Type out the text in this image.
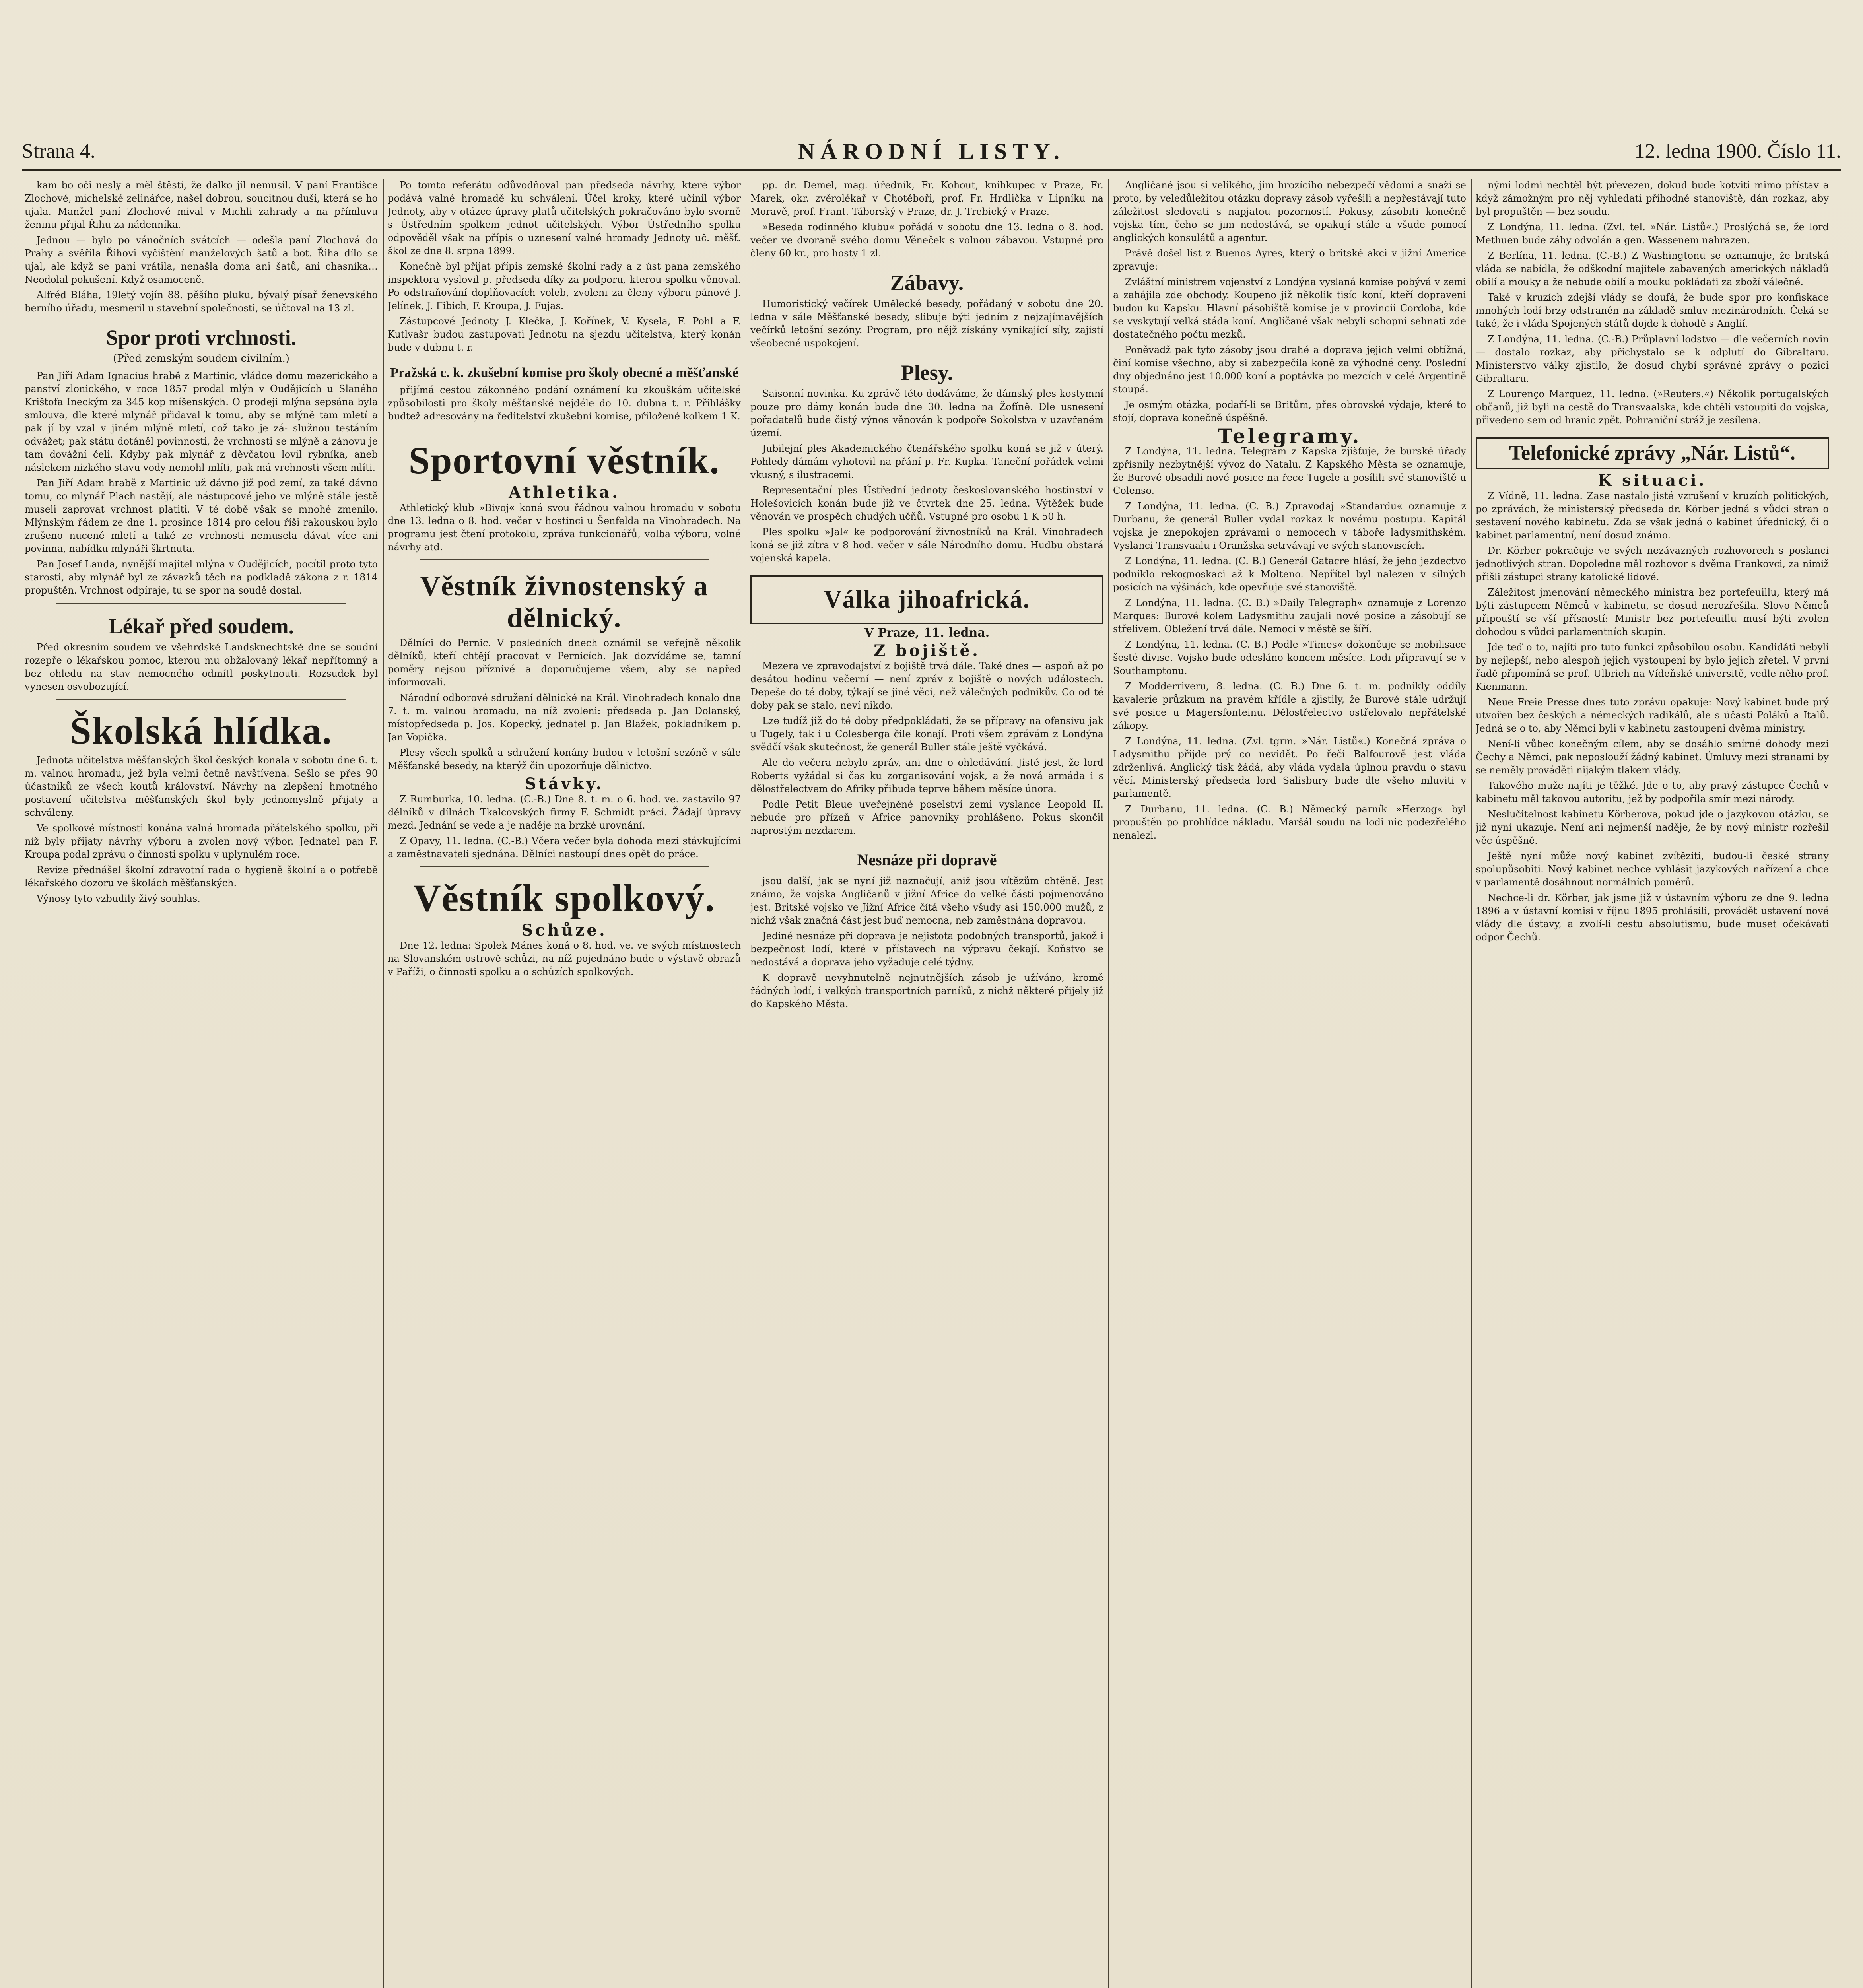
Strana 4.	NÁRODNÍ LISTY.	12. ledna 1900. Číslo 11.

kam bo oči nesly a měl štěstí, že dalko jíl nemusil. V paní Františce Zlochové, michelské zelinářce, našel dobrou, soucitnou duši, která se ho ujala. Manžel paní Zlochové mival v Michli zahrady a na přímluvu ženinu přijal Řihu za nádenníka.

Jednou — bylo po vánočních svátcích — odešla paní Zlochová do Prahy a svěřila Řihovi vyčištění manželových šatů a bot. Řiha dílo se ujal, ale když se paní vrátila, nenašla doma ani šatů, ani chasníka… Neodolal pokušení. Když osamoceně.

Alfréd Bláha, 19letý vojín 88. pěšího pluku, bývalý písař ženevského berního úřadu, mesmeril u stavební společnosti, se účtoval na 13 zl.

Spor proti vrchnosti.

(Před zemským soudem civilním.)

Pan Jiří Adam Ignacius hrabě z Martinic, vládce domu mezerického a panství zlonického, v roce 1857 prodal mlýn v Oudějicích u Slaného Krištofa Ineckým za 345 kop míšenských. O prodeji mlýna sepsána byla smlouva, dle které mlynář přidaval k tomu, aby se mlýně tam mletí a pak jí by vzal v jiném mlýně mletí, což tako je zá- služnou testáním odvážet; pak státu dotáněl povinnosti, že vrchnosti se mlýně a zánovu je tam dovážní čeli. Kdyby pak mlynář z děvčatou lovil rybníka, aneb náslekem nizkého stavu vody nemohl mlíti, pak má vrchnosti všem mlíti.

Pan Jiří Adam hrabě z Martinic už dávno již pod zemí, za také dávno tomu, co mlynář Plach nastějí, ale nástupcové jeho ve mlýně stále jestě museli zaprovat vrchnost platiti. V té době však se mnohé zmenilo. Mlýnským řádem ze dne 1. prosince 1814 pro celou říši rakouskou bylo zrušeno nucené mletí a také ze vrchnosti nemusela dávat více ani povinna, nabídku mlynáři škrtnuta.

Pan Josef Landa, nynější majitel mlýna v Oudějicích, pocítil proto tyto starosti, aby mlynář byl ze závazků těch na podkladě zákona z r. 1814 propuštěn. Vrchnost odpíraje, tu se spor na soudě dostal.

Lékař před soudem.

Před okresním soudem ve všehrdské Landsknechtské dne se soudní rozepře o lékařskou pomoc, kterou mu obžalovaný lékař nepřítomný a bez ohledu na stav nemocného odmítl poskytnouti. Rozsudek byl vynesen osvobozující.

Školská hlídka.

Jednota učitelstva měšťanských škol českých konala v sobotu dne 6. t. m. valnou hromadu, jež byla velmi četně navštívena. Sešlo se přes 90 účastníků ze všech koutů království. Návrhy na zlepšení hmotného postavení učitelstva měšťanských škol byly jednomyslně přijaty a schváleny.

Ve spolkové místnosti konána valná hromada přátelského spolku, při níž byly přijaty návrhy výboru a zvolen nový výbor. Jednatel pan F. Kroupa podal zprávu o činnosti spolku v uplynulém roce.

Revize přednášel školní zdravotní rada o hygieně školní a o potřebě lékařského dozoru ve školách měšťanských.

Výnosy tyto vzbudily živý souhlas.

Po tomto referátu odůvodňoval pan předseda návrhy, které výbor podává valné hromadě ku schválení. Účel kroky, které učinil výbor Jednoty, aby v otázce úpravy platů učitelských pokračováno bylo svorně s Ústředním spolkem jednot učitelských. Výbor Ústředního spolku odpověděl však na přípis o uznesení valné hromady Jednoty uč. měšť. škol ze dne 8. srpna 1899.

Konečně byl přijat přípis zemské školní rady a z úst pana zemského inspektora vyslovil p. předseda díky za podporu, kterou spolku věnoval. Po odstraňování doplňovacích voleb, zvoleni za členy výboru pánové J. Jelínek, J. Fibich, F. Kroupa, J. Fujas.

Zástupcové Jednoty J. Klečka, J. Kořínek, V. Kysela, F. Pohl a F. Kutlvašr budou zastupovati Jednotu na sjezdu učitelstva, který konán bude v dubnu t. r.

Pražská c. k. zkušební komise pro školy obecné a měšťanské

přijímá cestou zákonného podání oznámení ku zkouškám učitelské způsobilosti pro školy měšťanské nejdéle do 10. dubna t. r. Přihlášky budtež adresovány na ředitelství zkušební komise, přiložené kolkem 1 K.

Sportovní věstník.

Athletika.

Athletický klub »Bivoj« koná svou řádnou valnou hromadu v sobotu dne 13. ledna o 8. hod. večer v hostinci u Šenfelda na Vinohradech. Na programu jest čtení protokolu, zpráva funkcionářů, volba výboru, volné návrhy atd.

Věstník živnostenský a dělnický.

Dělníci do Pernic. V posledních dnech oznámil se veřejně několik dělníků, kteří chtějí pracovat v Pernicích. Jak dozvídáme se, tamní poměry nejsou příznivé a doporučujeme všem, aby se napřed informovali.

Národní odborové sdružení dělnické na Král. Vinohradech konalo dne 7. t. m. valnou hromadu, na níž zvoleni: předseda p. Jan Dolanský, místopředseda p. Jos. Kopecký, jednatel p. Jan Blažek, pokladníkem p. Jan Vopička.

Plesy všech spolků a sdružení konány budou v letošní sezóně v sále Měšťanské besedy, na kterýž čin upozorňuje dělnictvo.

Stávky.

Z Rumburka, 10. ledna. (C.-B.) Dne 8. t. m. o 6. hod. ve. zastavilo 97 dělníků v dílnách Tkalcovských firmy F. Schmidt práci. Žádají úpravy mezd. Jednání se vede a je naděje na brzké urovnání.

Z Opavy, 11. ledna. (C.-B.) Včera večer byla dohoda mezi stávkujícími a zaměstnavateli sjednána. Dělníci nastoupí dnes opět do práce.

Věstník spolkový.

Schůze.

Dne 12. ledna: Spolek Mánes koná o 8. hod. ve. ve svých místnostech na Slovanském ostrově schůzi, na níž pojednáno bude o výstavě obrazů v Paříži, o činnosti spolku a o schůzích spolkových.

pp. dr. Demel, mag. úředník, Fr. Kohout, knihkupec v Praze, Fr. Marek, okr. zvěrolékař v Chotěboři, prof. Fr. Hrdlička v Lipníku na Moravě, prof. Frant. Táborský v Praze, dr. J. Trebický v Praze.

»Beseda rodinného klubu« pořádá v sobotu dne 13. ledna o 8. hod. večer ve dvoraně svého domu Věneček s volnou zábavou. Vstupné pro členy 60 kr., pro hosty 1 zl.

Zábavy.

Humoristický večírek Umělecké besedy, pořádaný v sobotu dne 20. ledna v sále Měšťanské besedy, slibuje býti jedním z nejzajímavějších večírků letošní sezóny. Program, pro nějž získány vynikající síly, zajistí všeobecné uspokojení.

Plesy.

Saisonní novinka. Ku zprávě této dodáváme, že dámský ples kostymní pouze pro dámy konán bude dne 30. ledna na Žofíně. Dle usnesení pořadatelů bude čistý výnos věnován k podpoře Sokolstva v uzavřeném území.

Jubilejní ples Akademického čtenářského spolku koná se již v úterý. Pohledy dámám vyhotovil na přání p. Fr. Kupka. Taneční pořádek velmi vkusný, s ilustracemi.

Representační ples Ústřední jednoty českoslovanského hostinství v Holešovicích konán bude již ve čtvrtek dne 25. ledna. Výtěžek bude věnován ve prospěch chudých učňů. Vstupné pro osobu 1 K 50 h.

Ples spolku »Jal« ke podporování živnostníků na Král. Vinohradech koná se již zítra v 8 hod. večer v sále Národního domu. Hudbu obstará vojenská kapela.

Válka jihoafrická.

V Praze, 11. ledna.

Z bojiště.

Mezera ve zpravodajství z bojiště trvá dále. Také dnes — aspoň až po desátou hodinu večerní — není zpráv z bojiště o nových událostech. Depeše do té doby, týkají se jiné věci, než válečných podnikův. Co od té doby pak se stalo, neví nikdo.

Lze tudíž již do té doby předpokládati, že se přípravy na ofensivu jak u Tugely, tak i u Colesberga čile konají. Proti všem zprávám z Londýna svědčí však skutečnost, že generál Buller stále ještě vyčkává.

Ale do večera nebylo zpráv, ani dne o ohledávání. Jisté jest, že lord Roberts vyžádal si čas ku zorganisování vojsk, a že nová armáda i s dělostřelectvem do Afriky přibude teprve během měsíce února.

Podle Petit Bleue uveřejněné poselství zemi vyslance Leopold II. nebude pro přízeň v Africe panovníky prohlášeno. Pokus skončil naprostým nezdarem.

Nesnáze při dopravě

jsou další, jak se nyní již naznačují, aniž jsou vítězům chtěně. Jest známo, že vojska Angličanů v jižní Africe do velké části pojmenováno jest. Britské vojsko ve Jižní Africe čítá všeho všudy asi 150.000 mužů, z nichž však značná část jest buď nemocna, neb zaměstnána dopravou.

Jediné nesnáze při doprava je nejistota podobných transportů, jakož i bezpečnost lodí, které v přístavech na výpravu čekají. Koňstvo se nedostává a doprava jeho vyžaduje celé týdny.

K dopravě nevyhnutelně nejnutnějších zásob je užíváno, kromě řádných lodí, i velkých transportních parníků, z nichž některé přijely již do Kapského Města.

Angličané jsou si velikého, jim hrozícího nebezpečí vědomi a snaží se proto, by veledůležitou otázku dopravy zásob vyřešili a nepřestávají tuto záležitost sledovati s napjatou pozorností. Pokusy, zásobiti konečně vojska tím, čeho se jim nedostává, se opakují stále a všude pomocí anglických konsulátů a agentur.

Právě došel list z Buenos Ayres, který o britské akci v jižní Americe zpravuje:

Zvláštní ministrem vojenství z Londýna vyslaná komise pobývá v zemi a zahájila zde obchody. Koupeno již několik tisíc koní, kteří dopraveni budou ku Kapsku. Hlavní pásobiště komise je v provincii Cordoba, kde se vyskytují velká stáda koní. Angličané však nebyli schopni sehnati zde dostatečného počtu mezků.

Poněvadž pak tyto zásoby jsou drahé a doprava jejich velmi obtížná, činí komise všechno, aby si zabezpečila koně za výhodné ceny. Poslední dny objednáno jest 10.000 koní a poptávka po mezcích v celé Argentině stoupá.

Je osmým otázka, podaří-li se Britům, přes obrovské výdaje, které to stojí, doprava konečně úspěšně.

Telegramy.

Z Londýna, 11. ledna. Telegram z Kapska zjišťuje, že burské úřady zpřísnily nezbytnější vývoz do Natalu. Z Kapského Města se oznamuje, že Burové obsadili nové posice na řece Tugele a posílili své stanoviště u Colenso.

Z Londýna, 11. ledna. (C. B.) Zpravodaj »Standardu« oznamuje z Durbanu, že generál Buller vydal rozkaz k novému postupu. Kapitál vojska je znepokojen zprávami o nemocech v táboře ladysmithském. Vyslanci Transvaalu i Oranžska setrvávají ve svých stanoviscích.

Z Londýna, 11. ledna. (C. B.) Generál Gatacre hlásí, že jeho jezdectvo podniklo rekognoskaci až k Molteno. Nepřítel byl nalezen v silných posicích na výšinách, kde opevňuje své stanoviště.

Z Londýna, 11. ledna. (C. B.) »Daily Telegraph« oznamuje z Lorenzo Marques: Burové kolem Ladysmithu zaujali nové posice a zásobují se střelivem. Obležení trvá dále. Nemoci v městě se šíří.

Z Londýna, 11. ledna. (C. B.) Podle »Times« dokončuje se mobilisace šesté divise. Vojsko bude odesláno koncem měsíce. Lodi připravují se v Southamptonu.

Z Modderriveru, 8. ledna. (C. B.) Dne 6. t. m. podnikly oddíly kavalerie průzkum na pravém křídle a zjistily, že Burové stále udržují své posice u Magersfonteinu. Dělostřelectvo ostřelovalo nepřátelské zákopy.

Z Londýna, 11. ledna. (Zvl. tgrm. »Nár. Listů«.) Konečná zpráva o Ladysmithu přijde prý co nevidět. Po řeči Balfourově jest vláda zdrženlivá. Anglický tisk žádá, aby vláda vydala úplnou pravdu o stavu věcí. Ministerský předseda lord Salisbury bude dle všeho mluviti v parlamentě.

Z Durbanu, 11. ledna. (C. B.) Německý parník »Herzog« byl propuštěn po prohlídce nákladu. Maršál soudu na lodi nic podezřelého nenalezl.

nými lodmi nechtěl být převezen, dokud bude kotviti mimo přístav a když zámožným pro něj vyhledati příhodné stanoviště, dán rozkaz, aby byl propuštěn — bez soudu.

Z Londýna, 11. ledna. (Zvl. tel. »Nár. Listů«.) Proslýchá se, že lord Methuen bude záhy odvolán a gen. Wassenem nahrazen.

Z Berlína, 11. ledna. (C.-B.) Z Washingtonu se oznamuje, že britská vláda se nabídla, že odškodní majitele zabavených amerických nákladů obilí a mouky a že nebude obilí a mouku pokládati za zboží válečné.

Také v kruzích zdejší vlády se doufá, že bude spor pro konfiskace mnohých lodí brzy odstraněn na základě smluv mezinárodních. Čeká se také, že i vláda Spojených států dojde k dohodě s Anglií.

Z Londýna, 11. ledna. (C.-B.) Průplavní lodstvo — dle večerních novin — dostalo rozkaz, aby přichystalo se k odplutí do Gibraltaru. Ministerstvo války zjistilo, že dosud chybí správné zprávy o pozici Gibraltaru.

Z Lourenço Marquez, 11. ledna. (»Reuters.«) Několik portugalských občanů, již byli na cestě do Transvaalska, kde chtěli vstoupiti do vojska, přivedeno sem od hranic zpět. Pohraniční stráž je zesílena.

Telefonické zprávy „Nár. Listů“.

K situaci.

Z Vídně, 11. ledna. Zase nastalo jisté vzrušení v kruzích politických, po zprávách, že ministerský předseda dr. Körber jedná s vůdci stran o sestavení nového kabinetu. Zda se však jedná o kabinet úřednický, či o kabinet parlamentní, není dosud známo.

Dr. Körber pokračuje ve svých nezávazných rozhovorech s poslanci jednotlivých stran. Dopoledne měl rozhovor s dvěma Frankovci, za nimiž přišli zástupci strany katolické lidové.

Záležitost jmenování německého ministra bez portefeuillu, který má býti zástupcem Němců v kabinetu, se dosud nerozřešila. Slovo Němců připouští se vší přísností: Ministr bez portefeuillu musí býti zvolen dohodou s vůdci parlamentních skupin.

Jde teď o to, najíti pro tuto funkci způsobilou osobu. Kandidáti nebyli by nejlepší, nebo alespoň jejich vystoupení by bylo jejich zřetel. V první řadě připomíná se prof. Ulbrich na Vídeňské universitě, vedle něho prof. Kienmann.

Neue Freie Presse dnes tuto zprávu opakuje: Nový kabinet bude prý utvořen bez českých a německých radikálů, ale s účastí Poláků a Italů. Jedná se o to, aby Němci byli v kabinetu zastoupeni dvěma ministry.

Není-li vůbec konečným cílem, aby se dosáhlo smírné dohody mezi Čechy a Němci, pak neposlouží žádný kabinet. Úmluvy mezi stranami by se neměly prováděti nijakým tlakem vlády.

Takového muže najíti je těžké. Jde o to, aby pravý zástupce Čechů v kabinetu měl takovou autoritu, jež by podpořila smír mezi národy.

Neslučitelnost kabinetu Körberova, pokud jde o jazykovou otázku, se již nyní ukazuje. Není ani nejmenší naděje, že by nový ministr rozřešil věc úspěšně.

Ještě nyní může nový kabinet zvítěziti, budou-li české strany spolupůsobiti. Nový kabinet nechce vyhlásit jazykových nařízení a chce v parlamentě dosáhnout normálních poměrů.

Nechce-li dr. Körber, jak jsme již v ústavním výboru ze dne 9. ledna 1896 a v ústavní komisi v říjnu 1895 prohlásili, provádět ustavení nové vlády dle ústavy, a zvolí-li cestu absolutismu, bude muset očekávati odpor Čechů.
